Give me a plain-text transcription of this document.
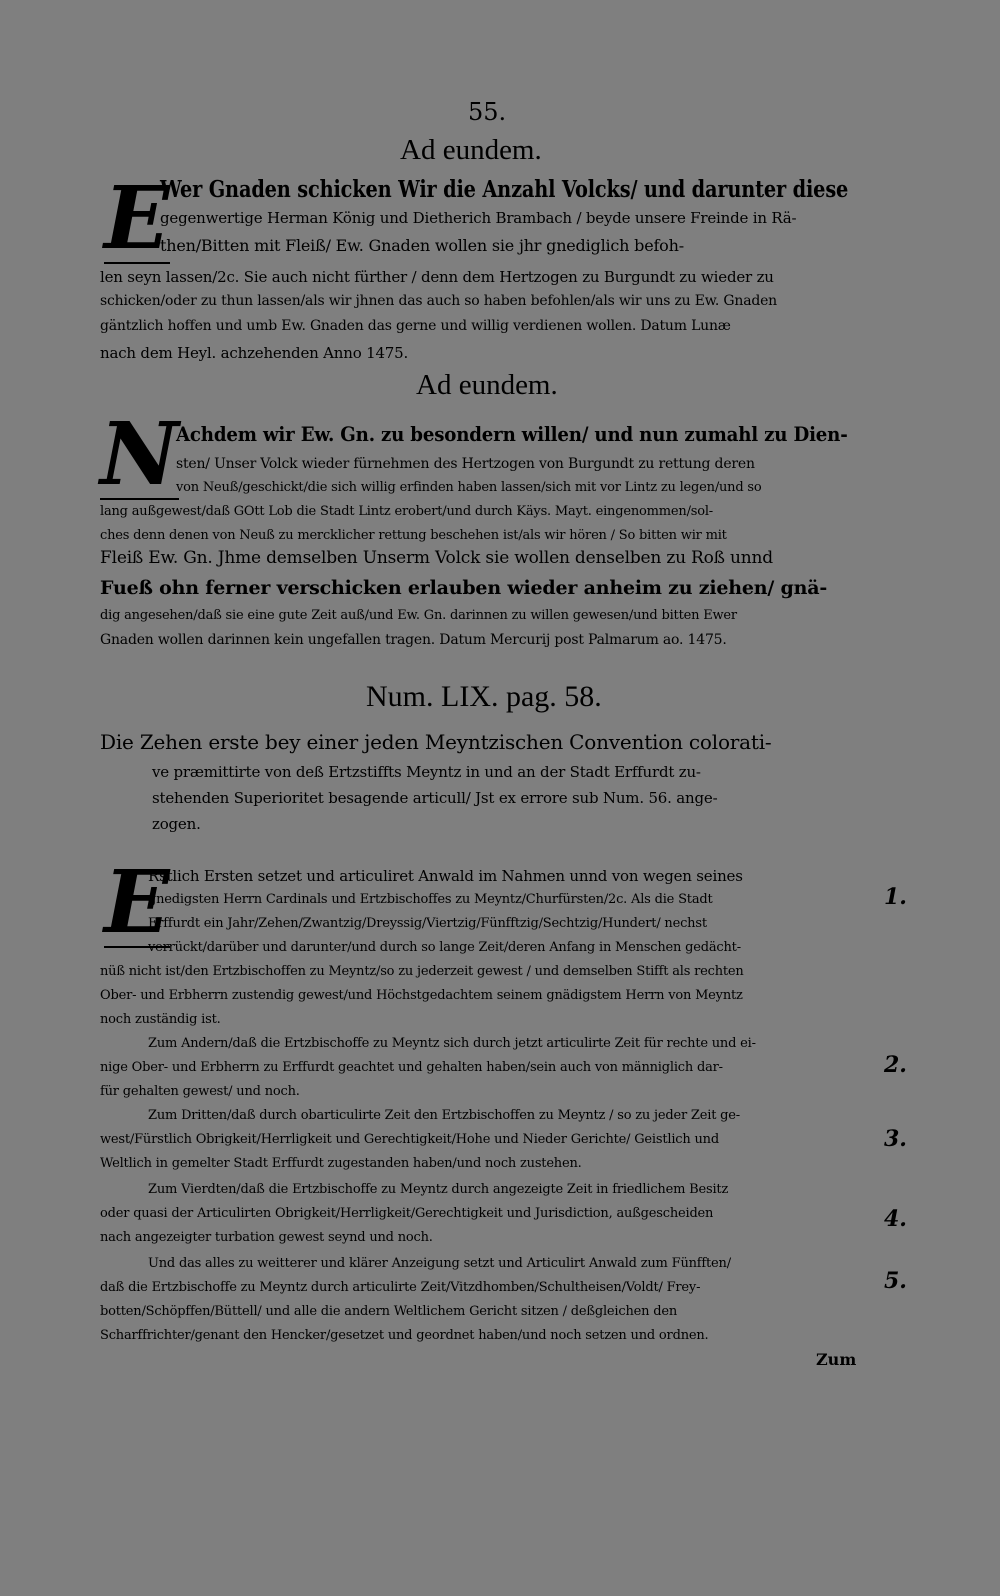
55.
Ad eundem.
E
Wer Gnaden schicken Wir die Anzahl Volcks/ und darunter diese
gegenwertige Herman König und Dietherich Brambach / beyde unsere Freinde in Rä-
then/Bitten mit Fleiß/ Ew. Gnaden wollen sie jhr gnediglich befoh-
len seyn lassen/2c. Sie auch nicht fürther / denn dem Hertzogen zu Burgundt zu wieder zu
schicken/oder zu thun lassen/als wir jhnen das auch so haben befohlen/als wir uns zu Ew. Gnaden
gäntzlich hoffen und umb Ew. Gnaden das gerne und willig verdienen wollen. Datum Lunæ
nach dem Heyl. achzehenden Anno 1475.
Ad eundem.
N
Achdem wir Ew. Gn. zu besondern willen/ und nun zumahl zu Dien-
sten/ Unser Volck wieder fürnehmen des Hertzogen von Burgundt zu rettung deren
von Neuß/geschickt/die sich willig erfinden haben lassen/sich mit vor Lintz zu legen/und so
lang außgewest/daß GOtt Lob die Stadt Lintz erobert/und durch Käys. Mayt. eingenommen/sol-
ches denn denen von Neuß zu mercklicher rettung beschehen ist/als wir hören / So bitten wir mit
Fleiß Ew. Gn. Jhme demselben Unserm Volck sie wollen denselben zu Roß unnd
Fueß ohn ferner verschicken erlauben wieder anheim zu ziehen/ gnä-
dig angesehen/daß sie eine gute Zeit auß/und Ew. Gn. darinnen zu willen gewesen/und bitten Ewer
Gnaden wollen darinnen kein ungefallen tragen. Datum Mercurij post Palmarum ao. 1475.
Num. LIX. pag. 58.
Die Zehen erste bey einer jeden Meyntzischen Convention colorati-
ve præmittirte von deß Ertzstiffts Meyntz in und an der Stadt Erffurdt zu-
stehenden Superioritet besagende articull/ Jst ex errore sub Num. 56. ange-
zogen.
E
Rstlich Ersten setzet und articuliret Anwald im Nahmen unnd von wegen seines
gnedigsten Herrn Cardinals und Ertzbischoffes zu Meyntz/Churfürsten/2c. Als die Stadt
Erffurdt ein Jahr/Zehen/Zwantzig/Dreyssig/Viertzig/Fünfftzig/Sechtzig/Hundert/ nechst
verrückt/darüber und darunter/und durch so lange Zeit/deren Anfang in Menschen gedächt-
nüß nicht ist/den Ertzbischoffen zu Meyntz/so zu jederzeit gewest / und demselben Stifft als rechten
Ober- und Erbherrn zustendig gewest/und Höchstgedachtem seinem gnädigstem Herrn von Meyntz
noch zuständig ist.
Zum Andern/daß die Ertzbischoffe zu Meyntz sich durch jetzt articulirte Zeit für rechte und ei-
nige Ober- und Erbherrn zu Erffurdt geachtet und gehalten haben/sein auch von männiglich dar-
für gehalten gewest/ und noch.
Zum Dritten/daß durch obarticulirte Zeit den Ertzbischoffen zu Meyntz / so zu jeder Zeit ge-
west/Fürstlich Obrigkeit/Herrligkeit und Gerechtigkeit/Hohe und Nieder Gerichte/ Geistlich und
Weltlich in gemelter Stadt Erffurdt zugestanden haben/und noch zustehen.
Zum Vierdten/daß die Ertzbischoffe zu Meyntz durch angezeigte Zeit in friedlichem Besitz
oder quasi der Articulirten Obrigkeit/Herrligkeit/Gerechtigkeit und Jurisdiction, außgescheiden
nach angezeigter turbation gewest seynd und noch.
Und das alles zu weitterer und klärer Anzeigung setzt und Articulirt Anwald zum Fünfften/
daß die Ertzbischoffe zu Meyntz durch articulirte Zeit/Vitzdhomben/Schultheisen/Voldt/ Frey-
botten/Schöpffen/Büttell/ und alle die andern Weltlichem Gericht sitzen / deßgleichen den
Scharffrichter/genant den Hencker/gesetzet und geordnet haben/und noch setzen und ordnen.
1.
2.
3.
4.
5.
Zum
